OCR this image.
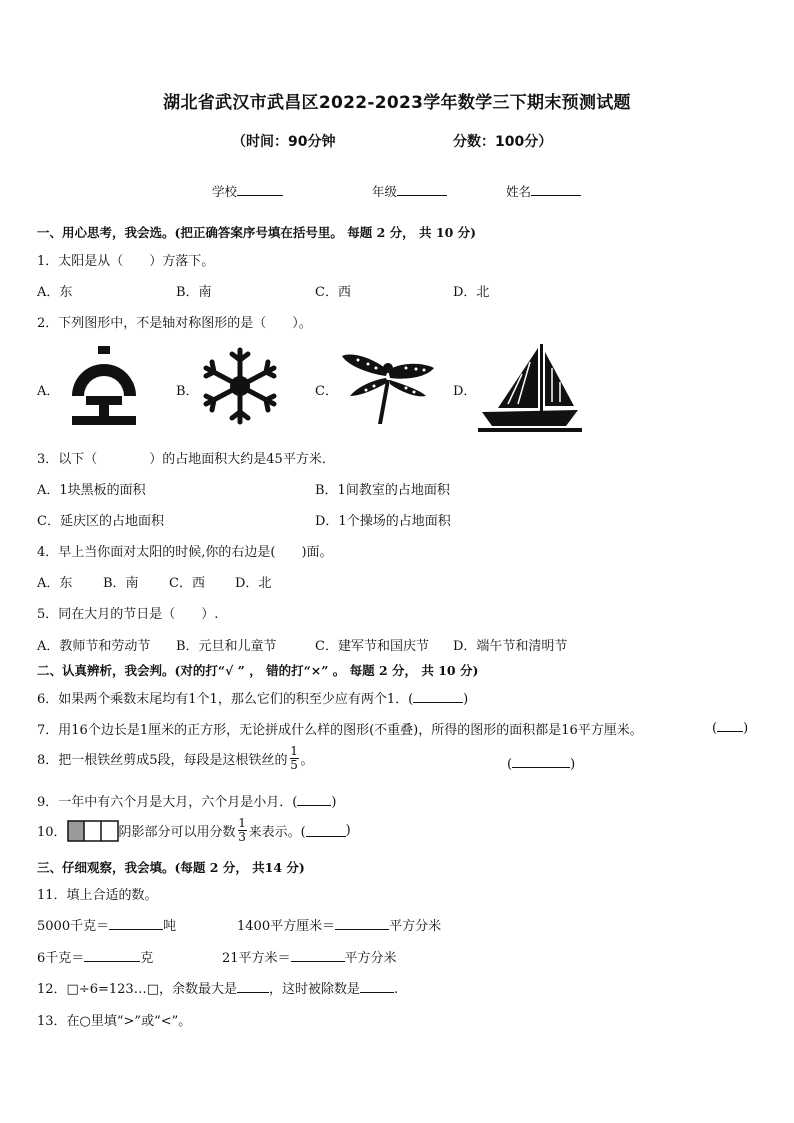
湖北省武汉市武昌区2022-2023学年数学三下期末预测试题
（时间：90分钟	分数：100分）
学校	年级	姓名
一、用心思考，我会选。(把正确答案序号填在括号里。 每题 2 分， 共 10 分)
1．太阳是从（　　）方落下。
A．东	B．南	C．西	D．北
2．下列图形中，不是轴对称图形的是（　　）。
A．	B．	C．	D．
3．以下（　　　　）的占地面积大约是45平方米．
A．1块黑板的面积	B．1间教室的占地面积
C．延庆区的占地面积	D．1个操场的占地面积
4．早上当你面对太阳的时候,你的右边是(　　)面。
A．东 B．南 C．西 D．北
5．同在大月的节日是（　　）.
A．教师节和劳动节 B．元旦和儿童节	C．建军节和国庆节 D．端午节和清明节
二、认真辨析，我会判。(对的打“√ ” ， 错的打“×” 。 每题 2 分， 共 10 分)
6．如果两个乘数末尾均有1个1，那么它们的积至少应有两个1．(	)
7．用16个边长是1厘米的正方形，无论拼成什么样的图形(不重叠)，所得的图形的面积都是16平方厘米。	( )
8．把一根铁丝剪成5段，每段是这根铁丝的 $\frac{1}{5}$ 。	(	)
9．一年中有六个月是大月，六个月是小月．(	)
10．	阴影部分可以用分数 $\frac{1}{3}$ 来表示。(	)
三、仔细观察，我会填。(每题 2 分， 共14 分)
11．填上合适的数。
5000千克＝	吨	1400平方厘米＝	平方分米
6千克＝	克	21平方米＝	平方分米
12．□÷6=123…□，余数最大是 ，这时被除数是	.
13．在○里填“>”或“<”。
